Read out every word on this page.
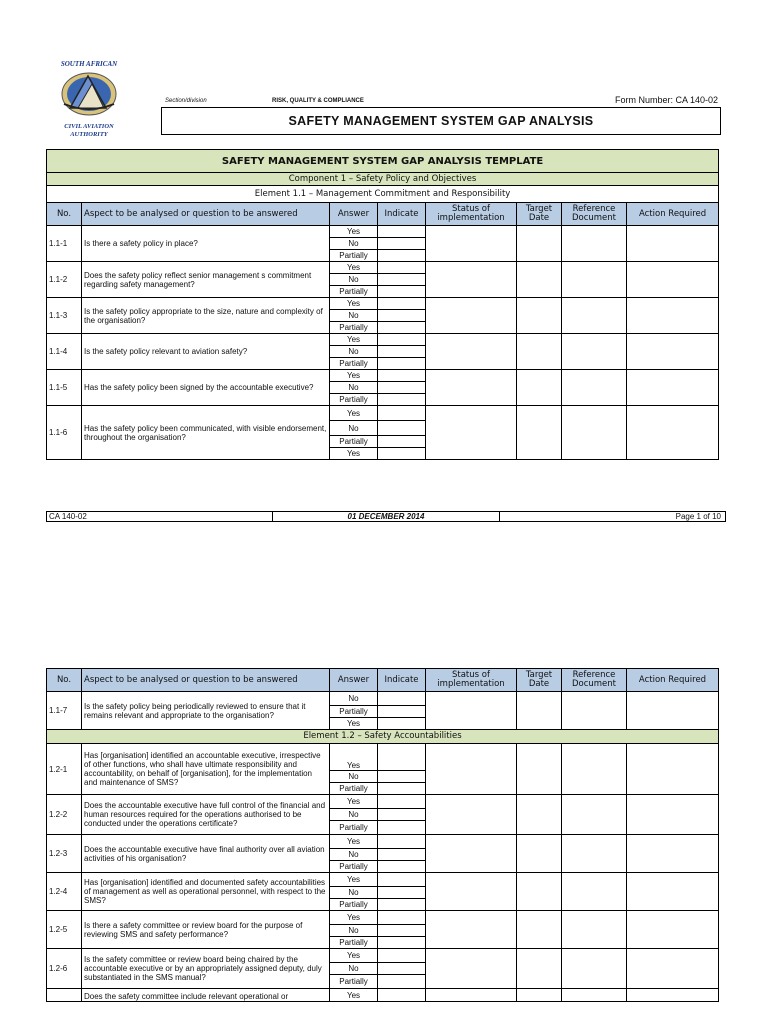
SOUTH AFRICAN
CIVIL AVIATION AUTHORITY
Section/division	RISK, QUALITY & COMPLIANCE	Form Number: CA 140-02
SAFETY MANAGEMENT SYSTEM GAP ANALYSIS
SAFETY MANAGEMENT SYSTEM GAP ANALYSIS TEMPLATE							
Component 1 – Safety Policy and Objectives							
Element 1.1 – Management Commitment and Responsibility							
No.	Aspect to be analysed or question to be answered	Answer	Indicate	Status of implementation	Target Date	Reference Document	Action Required
1.1-1	Is there a safety policy in place?	Yes					
		No					
		Partially					
1.1-2	Does the safety policy reflect senior management s commitment regarding safety management?	Yes					
		No					
		Partially					
1.1-3	Is the safety policy appropriate to the size, nature and complexity of the organisation?	Yes					
		No					
		Partially					
1.1-4	Is the safety policy relevant to aviation safety?	Yes					
		No					
		Partially					
1.1-5	Has the safety policy been signed by the accountable executive?	Yes					
		No					
		Partially					
1.1-6	Has the safety policy been communicated, with visible endorsement, throughout the organisation?	Yes					
		No					
		Partially					
		Yes					
CA 140-02	01 DECEMBER 2014	Page 1 of 10
No.	Aspect to be analysed or question to be answered	Answer	Indicate	Status of implementation	Target Date	Reference Document	Action Required
1.1-7	Is the safety policy being periodically reviewed to ensure that it remains relevant and appropriate to the organisation?	No					
		Partially					
		Yes					
Element 1.2 – Safety Accountabilities							
1.2-1	Has [organisation] identified an accountable executive, irrespective of other functions, who shall have ultimate responsibility and accountability, on behalf of [organisation], for the implementation and maintenance of SMS?	Yes					
		No					
		Partially					
1.2-2	Does the accountable executive have full control of the financial and human resources required for the operations authorised to be conducted under the operations certificate?	Yes					
		No					
		Partially					
1.2-3	Does the accountable executive have final authority over all aviation activities of his organisation?	Yes					
		No					
		Partially					
1.2-4	Has [organisation] identified and documented safety accountabilities of management as well as operational personnel, with respect to the SMS?	Yes					
		No					
		Partially					
1.2-5	Is there a safety committee or review board for the purpose of reviewing SMS and safety performance?	Yes					
		No					
		Partially					
1.2-6	Is the safety committee or review board being chaired by the accountable executive or by an appropriately assigned deputy, duly substantiated in the SMS manual?	Yes					
		No					
		Partially					
	Does the safety committee include relevant operational or	Yes					
